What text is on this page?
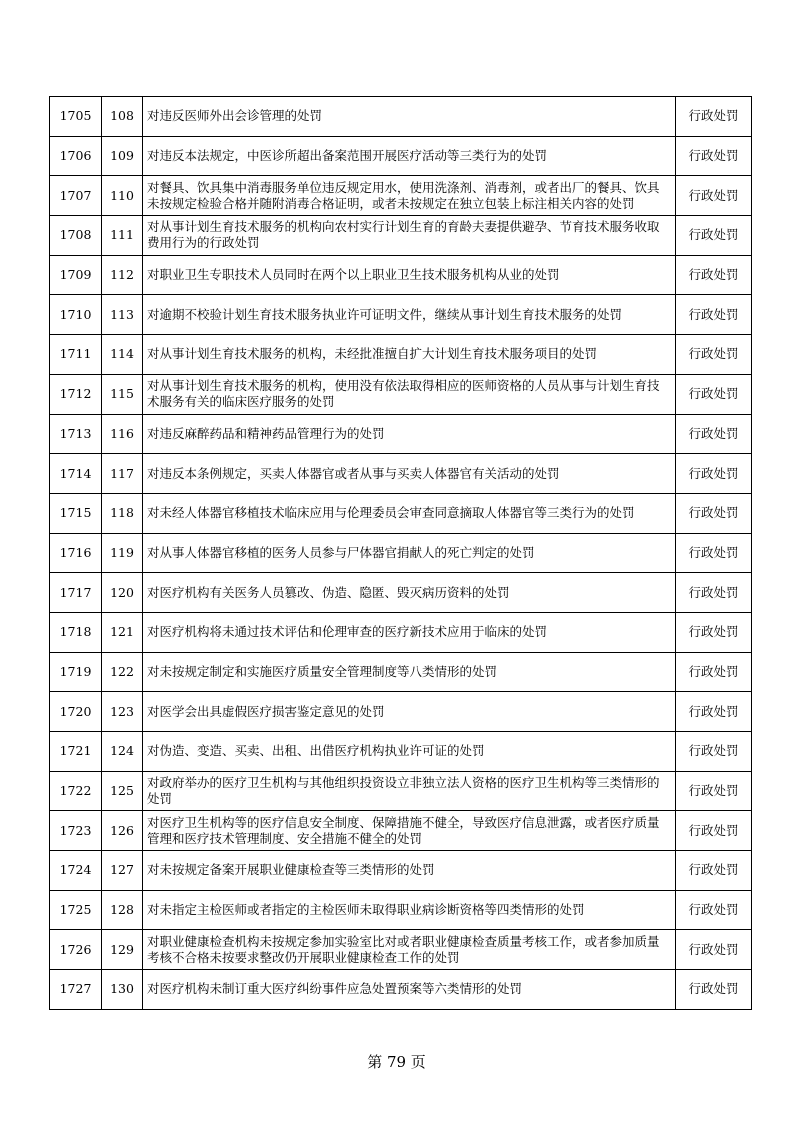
1705	108	对违反医师外出会诊管理的处罚	行政处罚
1706	109	对违反本法规定，中医诊所超出备案范围开展医疗活动等三类行为的处罚	行政处罚
1707	110	对餐具、饮具集中消毒服务单位违反规定用水，使用洗涤剂、消毒剂，或者出厂的餐具、饮具未按规定检验合格并随附消毒合格证明，或者未按规定在独立包装上标注相关内容的处罚	行政处罚
1708	111	对从事计划生育技术服务的机构向农村实行计划生育的育龄夫妻提供避孕、节育技术服务收取费用行为的行政处罚	行政处罚
1709	112	对职业卫生专职技术人员同时在两个以上职业卫生技术服务机构从业的处罚	行政处罚
1710	113	对逾期不校验计划生育技术服务执业许可证明文件，继续从事计划生育技术服务的处罚	行政处罚
1711	114	对从事计划生育技术服务的机构，未经批准擅自扩大计划生育技术服务项目的处罚	行政处罚
1712	115	对从事计划生育技术服务的机构，使用没有依法取得相应的医师资格的人员从事与计划生育技术服务有关的临床医疗服务的处罚	行政处罚
1713	116	对违反麻醉药品和精神药品管理行为的处罚	行政处罚
1714	117	对违反本条例规定，买卖人体器官或者从事与买卖人体器官有关活动的处罚	行政处罚
1715	118	对未经人体器官移植技术临床应用与伦理委员会审查同意摘取人体器官等三类行为的处罚	行政处罚
1716	119	对从事人体器官移植的医务人员参与尸体器官捐献人的死亡判定的处罚	行政处罚
1717	120	对医疗机构有关医务人员篡改、伪造、隐匿、毁灭病历资料的处罚	行政处罚
1718	121	对医疗机构将未通过技术评估和伦理审查的医疗新技术应用于临床的处罚	行政处罚
1719	122	对未按规定制定和实施医疗质量安全管理制度等八类情形的处罚	行政处罚
1720	123	对医学会出具虚假医疗损害鉴定意见的处罚	行政处罚
1721	124	对伪造、变造、买卖、出租、出借医疗机构执业许可证的处罚	行政处罚
1722	125	对政府举办的医疗卫生机构与其他组织投资设立非独立法人资格的医疗卫生机构等三类情形的处罚	行政处罚
1723	126	对医疗卫生机构等的医疗信息安全制度、保障措施不健全，导致医疗信息泄露，或者医疗质量管理和医疗技术管理制度、安全措施不健全的处罚	行政处罚
1724	127	对未按规定备案开展职业健康检查等三类情形的处罚	行政处罚
1725	128	对未指定主检医师或者指定的主检医师未取得职业病诊断资格等四类情形的处罚	行政处罚
1726	129	对职业健康检查机构未按规定参加实验室比对或者职业健康检查质量考核工作，或者参加质量考核不合格未按要求整改仍开展职业健康检查工作的处罚	行政处罚
1727	130	对医疗机构未制订重大医疗纠纷事件应急处置预案等六类情形的处罚	行政处罚
第 79 页
